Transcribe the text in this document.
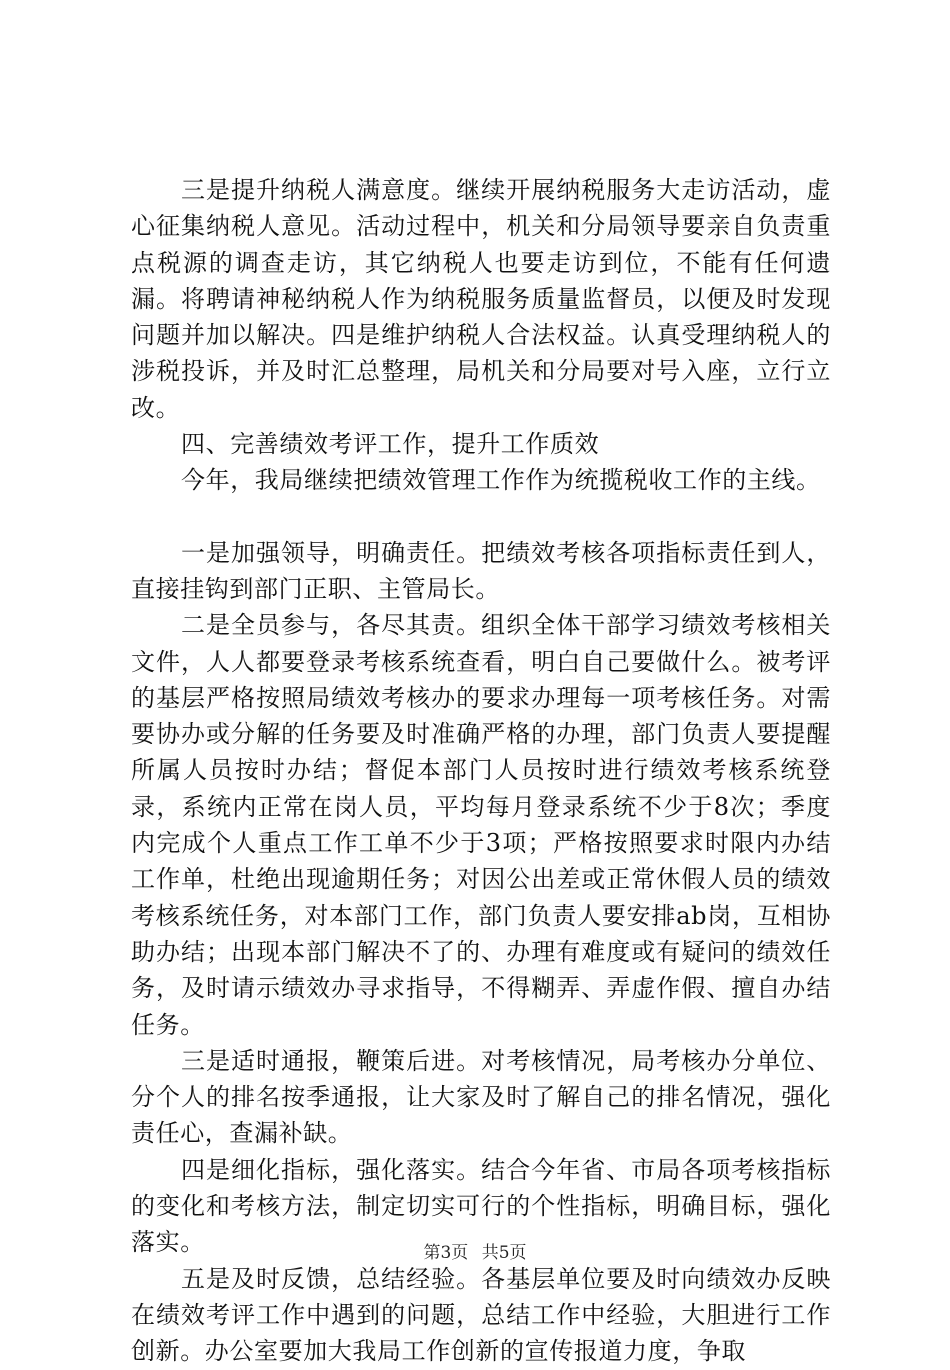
三是提升纳税人满意度。继续开展纳税服务大走访活动，虚心征集纳税人意见。活动过程中，机关和分局领导要亲自负责重点税源的调查走访，其它纳税人也要走访到位，不能有任何遗漏。将聘请神秘纳税人作为纳税服务质量监督员，以便及时发现问题并加以解决。四是维护纳税人合法权益。认真受理纳税人的涉税投诉，并及时汇总整理，局机关和分局要对号入座，立行立改。

四、完善绩效考评工作，提升工作质效

今年，我局继续把绩效管理工作作为统揽税收工作的主线。

一是加强领导，明确责任。把绩效考核各项指标责任到人，直接挂钩到部门正职、主管局长。

二是全员参与，各尽其责。组织全体干部学习绩效考核相关文件，人人都要登录考核系统查看，明白自己要做什么。被考评的基层严格按照局绩效考核办的要求办理每一项考核任务。对需要协办或分解的任务要及时准确严格的办理，部门负责人要提醒所属人员按时办结；督促本部门人员按时进行绩效考核系统登录，系统内正常在岗人员，平均每月登录系统不少于8次；季度内完成个人重点工作工单不少于3项；严格按照要求时限内办结工作单，杜绝出现逾期任务；对因公出差或正常休假人员的绩效考核系统任务，对本部门工作，部门负责人要安排ab岗，互相协助办结；出现本部门解决不了的、办理有难度或有疑问的绩效任务，及时请示绩效办寻求指导，不得糊弄、弄虚作假、擅自办结任务。

三是适时通报，鞭策后进。对考核情况，局考核办分单位、分个人的排名按季通报，让大家及时了解自己的排名情况，强化责任心，查漏补缺。

四是细化指标，强化落实。结合今年省、市局各项考核指标的变化和考核方法，制定切实可行的个性指标，明确目标，强化落实。

五是及时反馈，总结经验。各基层单位要及时向绩效办反映在绩效考评工作中遇到的问题，总结工作中经验，大胆进行工作创新。办公室要加大我局工作创新的宣传报道力度，争取

第3页 共5页
